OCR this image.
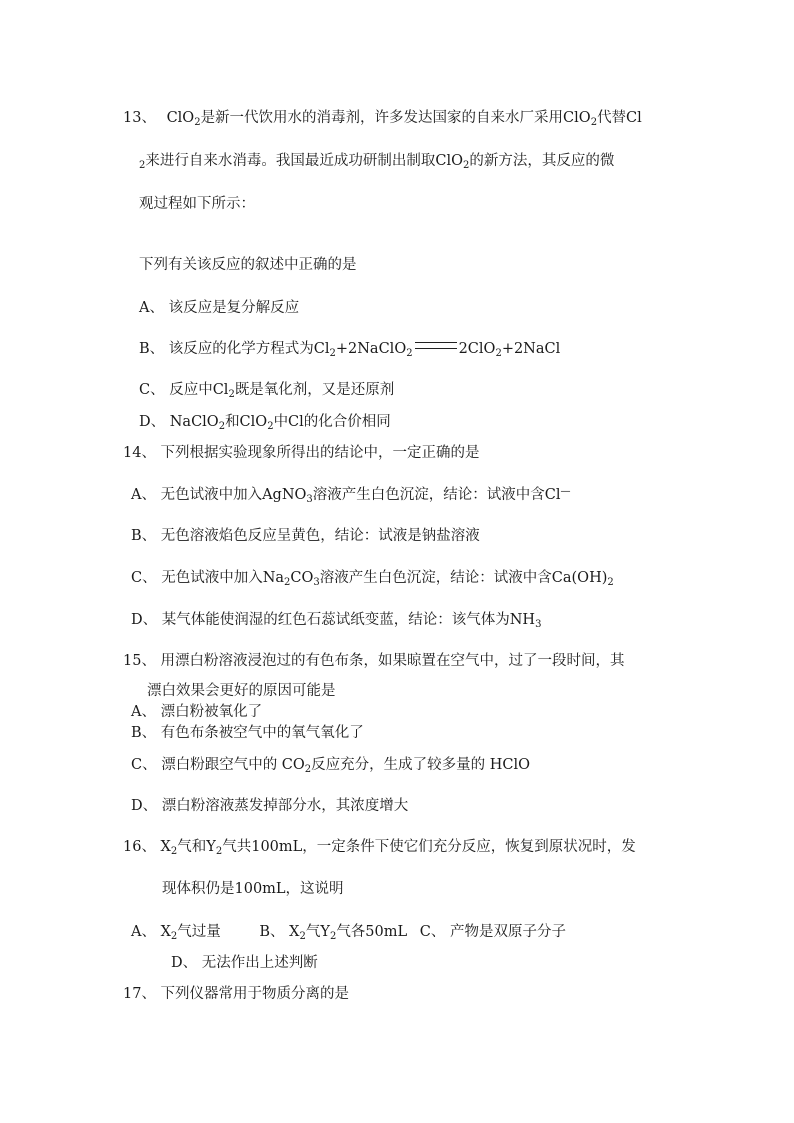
13、 ClO$_2$是新一代饮用水的消毒剂，许多发达国家的自来水厂采用ClO$_2$代替Cl
$_2$来进行自来水消毒。我国最近成功研制出制取ClO$_2$的新方法，其反应的微
观过程如下所示：
下列有关该反应的叙述中正确的是
A、 该反应是复分解反应
B、 该反应的化学方程式为$Cl_2+2NaClO_2$	2ClO$_2$+2NaCl
C、 反应中$Cl_2$既是氧化剂，又是还原剂
D、 NaClO$_2$和ClO$_2$中Cl的化合价相同
14、 下列根据实验现象所得出的结论中，一定正确的是
A、 无色试液中加入AgNO$_3$溶液产生白色沉淀，结论：试液中含Cl—
B、 无色溶液焰色反应呈黄色，结论：试液是钠盐溶液
C、 无色试液中加入$Na_2CO_3$溶液产生白色沉淀，结论：试液中含$Ca(OH)_2$
D、 某气体能使润湿的红色石蕊试纸变蓝，结论：该气体为$NH_3$
15、 用漂白粉溶液浸泡过的有色布条，如果晾置在空气中，过了一段时间，其
漂白效果会更好的原因可能是
A、 漂白粉被氧化了
B、 有色布条被空气中的氧气氧化了
C、 漂白粉跟空气中的 $CO_2$反应充分，生成了较多量的 HClO
D、 漂白粉溶液蒸发掉部分水，其浓度增大
16、 $X_2$气和$Y_2$气共100mL，一定条件下使它们充分反应，恢复到原状况时，发
现体积仍是100mL，这说明
A、 $X_2$气过量	B、 $X_2$气$Y_2$气各50mL C、 产物是双原子分子
D、 无法作出上述判断
17、 下列仪器常用于物质分离的是
